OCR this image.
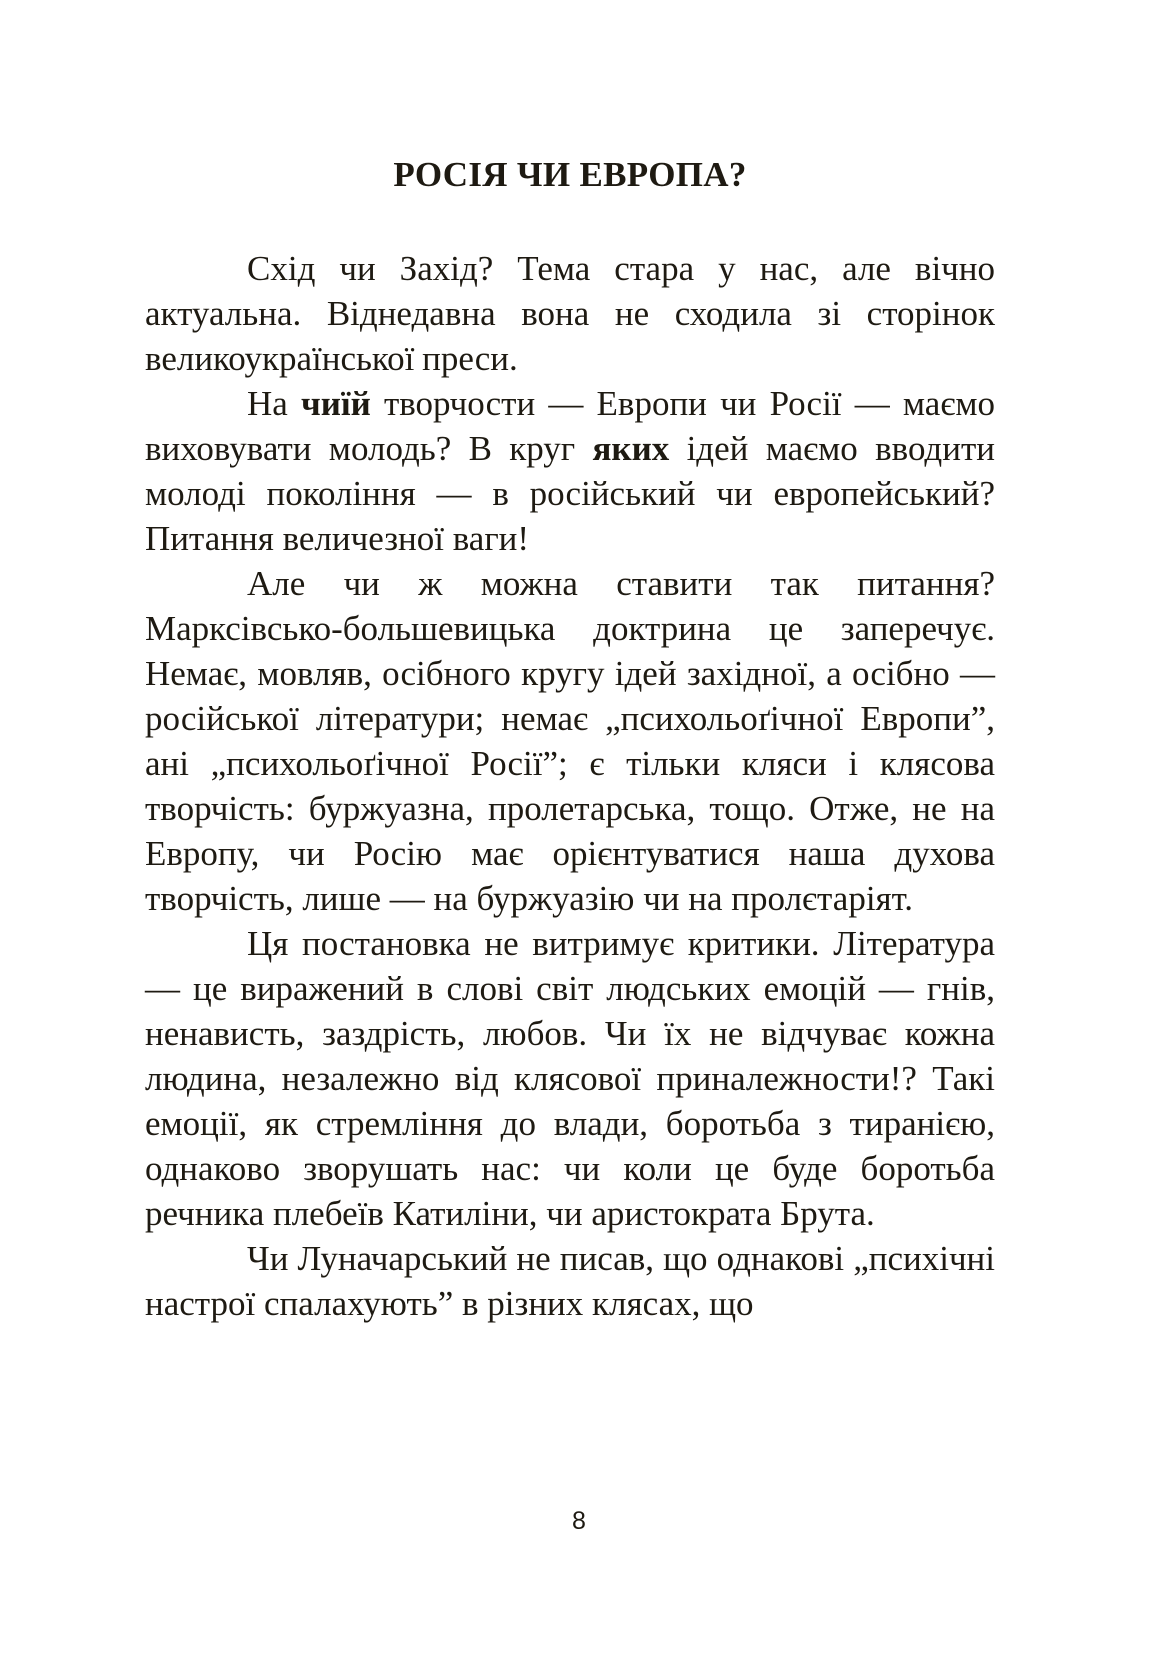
РОСІЯ ЧИ ЕВРОПА?

Схід чи Захід? Тема стара у нас, але вічно актуальна. Віднедавна вона не сходила зі сторінок великоукраїнської преси.

На чиїй творчости — Европи чи Росії — маємо виховувати молодь? В круг яких ідей маємо вводити молоді покоління — в російський чи европейський? Питання величезної ваги!

Але чи ж можна ставити так питання? Марксівсько-большевицька доктрина це заперечує. Немає, мовляв, осібного кругу ідей західної, а осібно — російської літератури; немає „психольоґічної Европи”, ані „психольоґічної Росії”; є тільки кляси і клясова творчість: буржуазна, пролетарська, тощо. Отже, не на Европу, чи Росію має орієнтуватися наша духова творчість, лише — на буржуазію чи на пролєтаріят.

Ця постановка не витримує критики. Література — це виражений в слові світ людських емоцій — гнів, ненависть, заздрість, любов. Чи їх не відчуває кожна людина, незалежно від клясової приналежности!? Такі емоції, як стремління до влади, боротьба з тиранією, однаково зворушать нас: чи коли це буде боротьба речника плебеїв Катиліни, чи аристократа Брута.

Чи Луначарський не писав, що однакові „психічні настрої спалахують” в різних клясах, що

8
